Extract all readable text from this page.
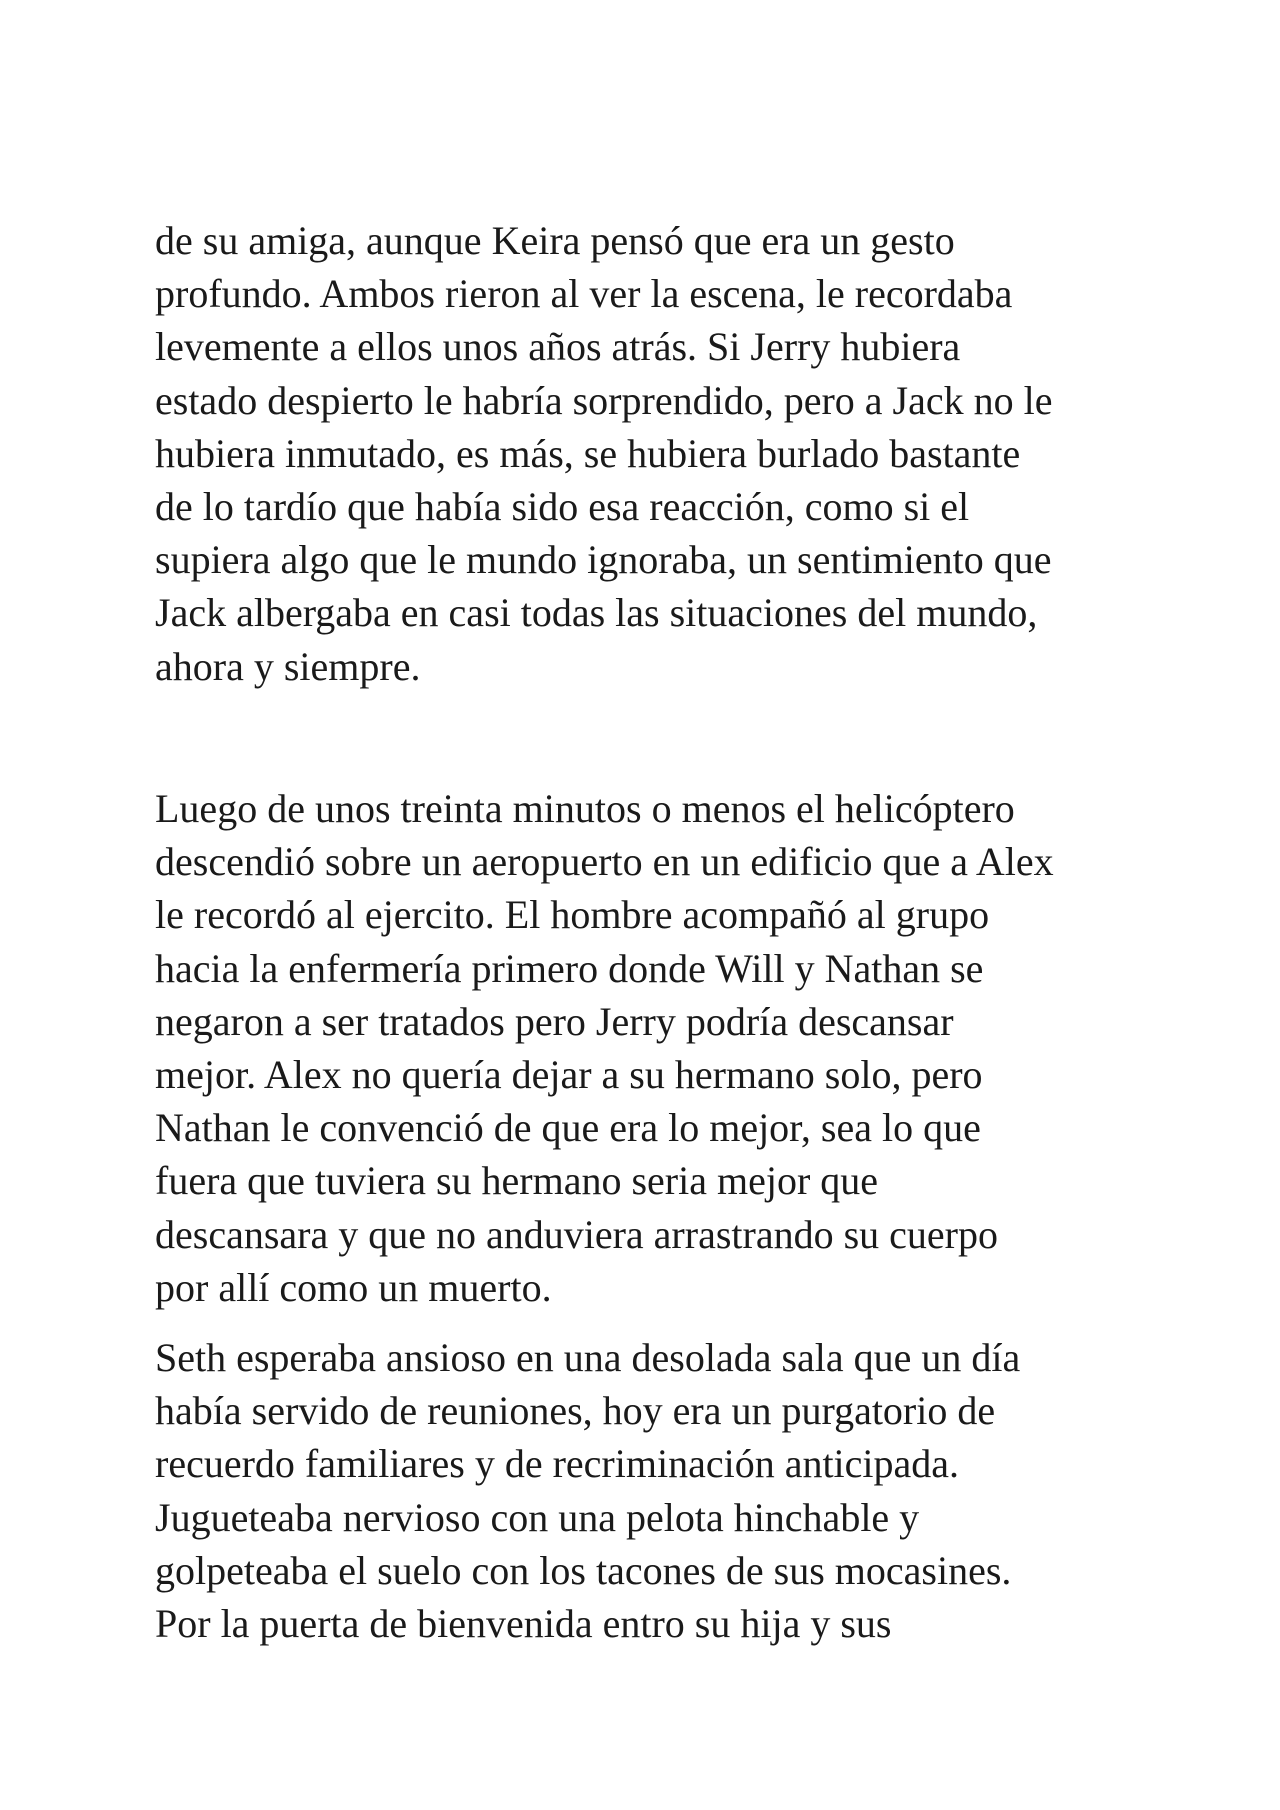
de su amiga, aunque Keira pensó que era un gesto
profundo. Ambos rieron al ver la escena, le recordaba
levemente a ellos unos años atrás. Si Jerry hubiera
estado despierto le habría sorprendido, pero a Jack no le
hubiera inmutado, es más, se hubiera burlado bastante
de lo tardío que había sido esa reacción, como si el
supiera algo que le mundo ignoraba, un sentimiento que
Jack albergaba en casi todas las situaciones del mundo,
ahora y siempre.
Luego de unos treinta minutos o menos el helicóptero
descendió sobre un aeropuerto en un edificio que a Alex
le recordó al ejercito. El hombre acompañó al grupo
hacia la enfermería primero donde Will y Nathan se
negaron a ser tratados pero Jerry podría descansar
mejor. Alex no quería dejar a su hermano solo, pero
Nathan le convenció de que era lo mejor, sea lo que
fuera que tuviera su hermano seria mejor que
descansara y que no anduviera arrastrando su cuerpo
por allí como un muerto.
Seth esperaba ansioso en una desolada sala que un día
había servido de reuniones, hoy era un purgatorio de
recuerdo familiares y de recriminación anticipada.
Jugueteaba nervioso con una pelota hinchable y
golpeteaba el suelo con los tacones de sus mocasines.
Por la puerta de bienvenida entro su hija y sus
